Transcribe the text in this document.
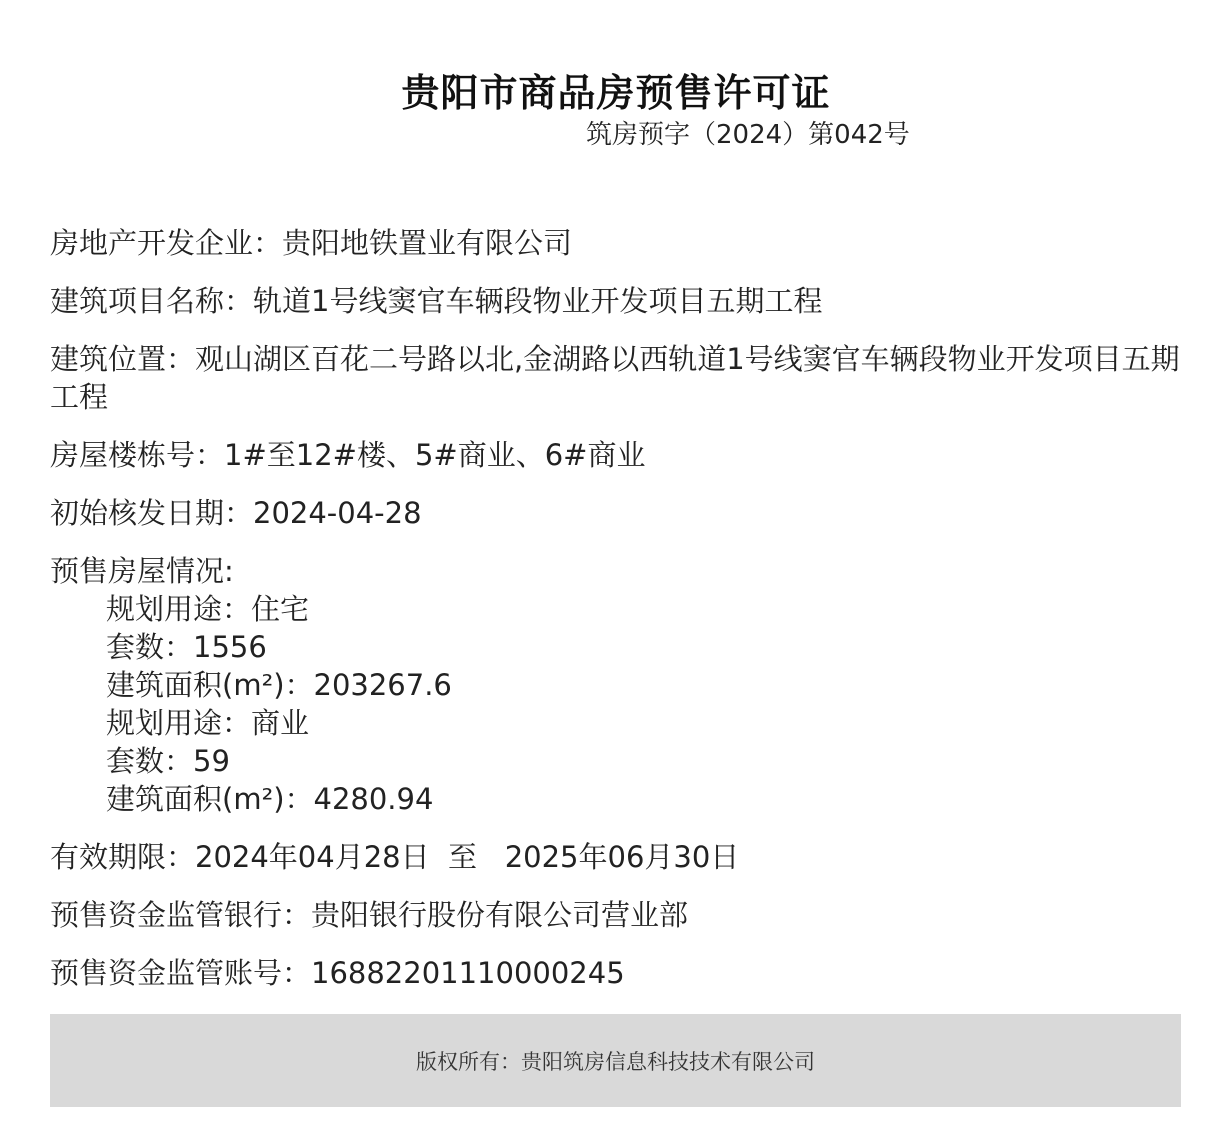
贵阳市商品房预售许可证
筑房预字（2024）第042号
房地产开发企业：贵阳地铁置业有限公司
建筑项目名称：轨道1号线窦官车辆段物业开发项目五期工程
建筑位置：观山湖区百花二号路以北,金湖路以西轨道1号线窦官车辆段物业开发项目五期工程
房屋楼栋号：1#至12#楼、5#商业、6#商业
初始核发日期：2024-04-28
预售房屋情况:
规划用途：住宅
套数：1556
建筑面积(m²)：203267.6
规划用途：商业
套数：59
建筑面积(m²)：4280.94
有效期限：2024年04月28日  至   2025年06月30日
预售资金监管银行：贵阳银行股份有限公司营业部
预售资金监管账号：16882201110000245
版权所有：贵阳筑房信息科技技术有限公司
